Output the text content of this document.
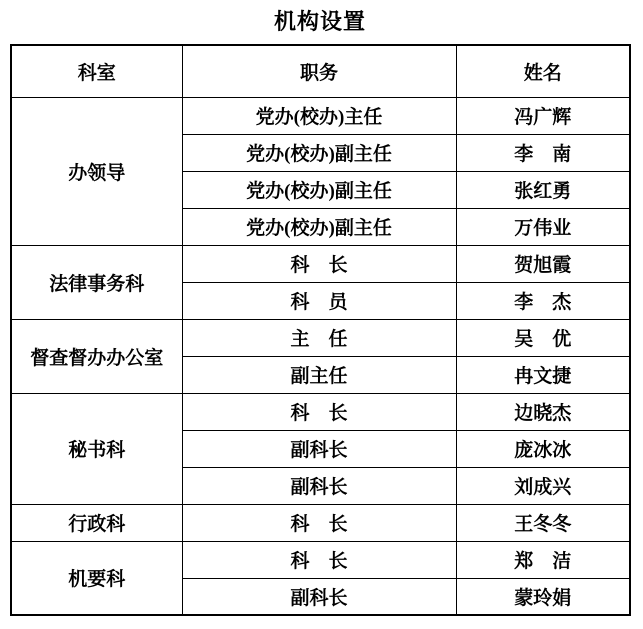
机构设置
科室	职务	姓名
办领导	党办(校办)主任	冯广辉
	党办(校办)副主任	李　南
	党办(校办)副主任	张红勇
	党办(校办)副主任	万伟业
法律事务科	科　长	贺旭霞
	科　员	李　杰
督查督办办公室	主　任	吴　优
	副主任	冉文捷
秘书科	科　长	边晓杰
	副科长	庞冰冰
	副科长	刘成兴
行政科	科　长	王冬冬
机要科	科　长	郑　洁
	副科长	蒙玲娟
